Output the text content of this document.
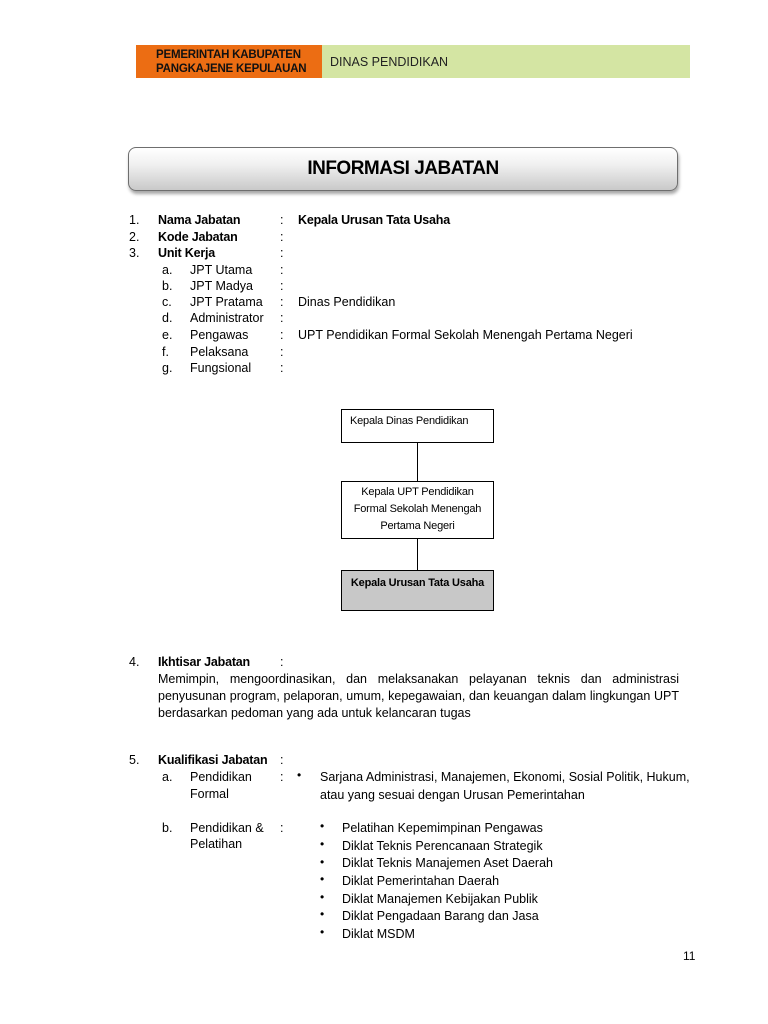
PEMERINTAH KABUPATEN
PANGKAJENE KEPULAUAN	DINAS PENDIDIKAN
INFORMASI JABATAN
1. Nama Jabatan	: Kepala Urusan Tata Usaha
2. Kode Jabatan	:
3. Unit Kerja	:
a. JPT Utama :
b. JPT Madya :
c. JPT Pratama : Dinas Pendidikan
d. Administrator :
e. Pengawas	: UPT Pendidikan Formal Sekolah Menengah Pertama Negeri
f. Pelaksana	:
g. Fungsional :
Kepala Dinas Pendidikan
Kepala UPT Pendidikan
Formal Sekolah Menengah
Pertama Negeri
Kepala Urusan Tata Usaha
4. Ikhtisar Jabatan :
Memimpin, mengoordinasikan, dan melaksanakan pelayanan teknis dan administrasi penyusunan program, pelaporan, umum, kepegawaian, dan keuangan dalam lingkungan UPT berdasarkan pedoman yang ada untuk kelancaran tugas
5. Kualifikasi Jabatan :
a. Pendidikan
Formal
: • Sarjana Administrasi, Manajemen, Ekonomi, Sosial Politik, Hukum,
atau yang sesuai dengan Urusan Pemerintahan
b. Pendidikan &
Pelatihan
:	• Pelatihan Kepemimpinan Pengawas
• Diklat Teknis Perencanaan Strategik
• Diklat Teknis Manajemen Aset Daerah
• Diklat Pemerintahan Daerah
• Diklat Manajemen Kebijakan Publik
• Diklat Pengadaan Barang dan Jasa
• Diklat MSDM
11
